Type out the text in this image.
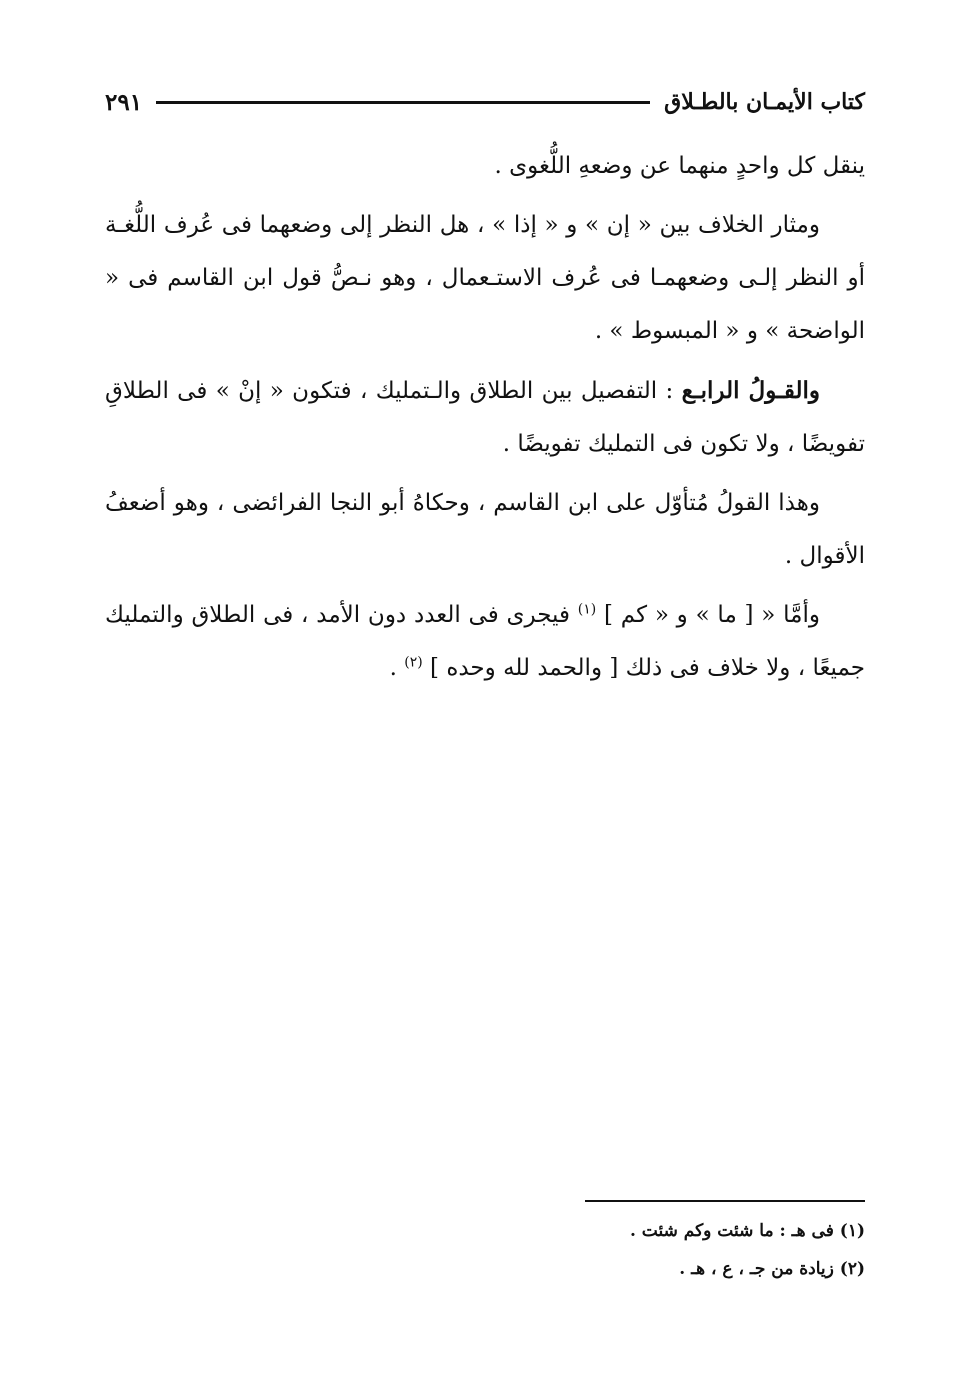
كتاب الأيمـان بالطـلاق
٢٩١

ينقل كل واحدٍ منهما عن وضعهِ اللُّغوى .

ومثار الخلاف بين « إن » و « إذا » ، هل النظر إلى وضعهما فى عُرف اللُّغـة أو النظر إلـى وضعهمـا فى عُرف الاستـعمال ، وهو نـصُّ قول ابن القاسم فى « الواضحة » و « المبسوط » .

والقـولُ الرابـع : التفصيل بين الطلاق والـتمليك ، فتكون « إنْ » فى الطلاقِ تفويضًا ، ولا تكون فى التمليك تفويضًا .

وهذا القولُ مُتأوّل على ابن القاسم ، وحكاهُ أبو النجا الفرائضى ، وهو أضعفُ الأقوال .

وأمَّا « [ ما » و « كم ] $^{(١)}$ فيجرى فى العدد دون الأمد ، فى الطلاق والتمليك جميعًا ، ولا خلاف فى ذلك [ والحمد لله وحده ] $^{(٢)}$ .

(١) فى هـ : ما شئت وكم شئت .

(٢) زيادة من جـ ، ع ، هـ .
